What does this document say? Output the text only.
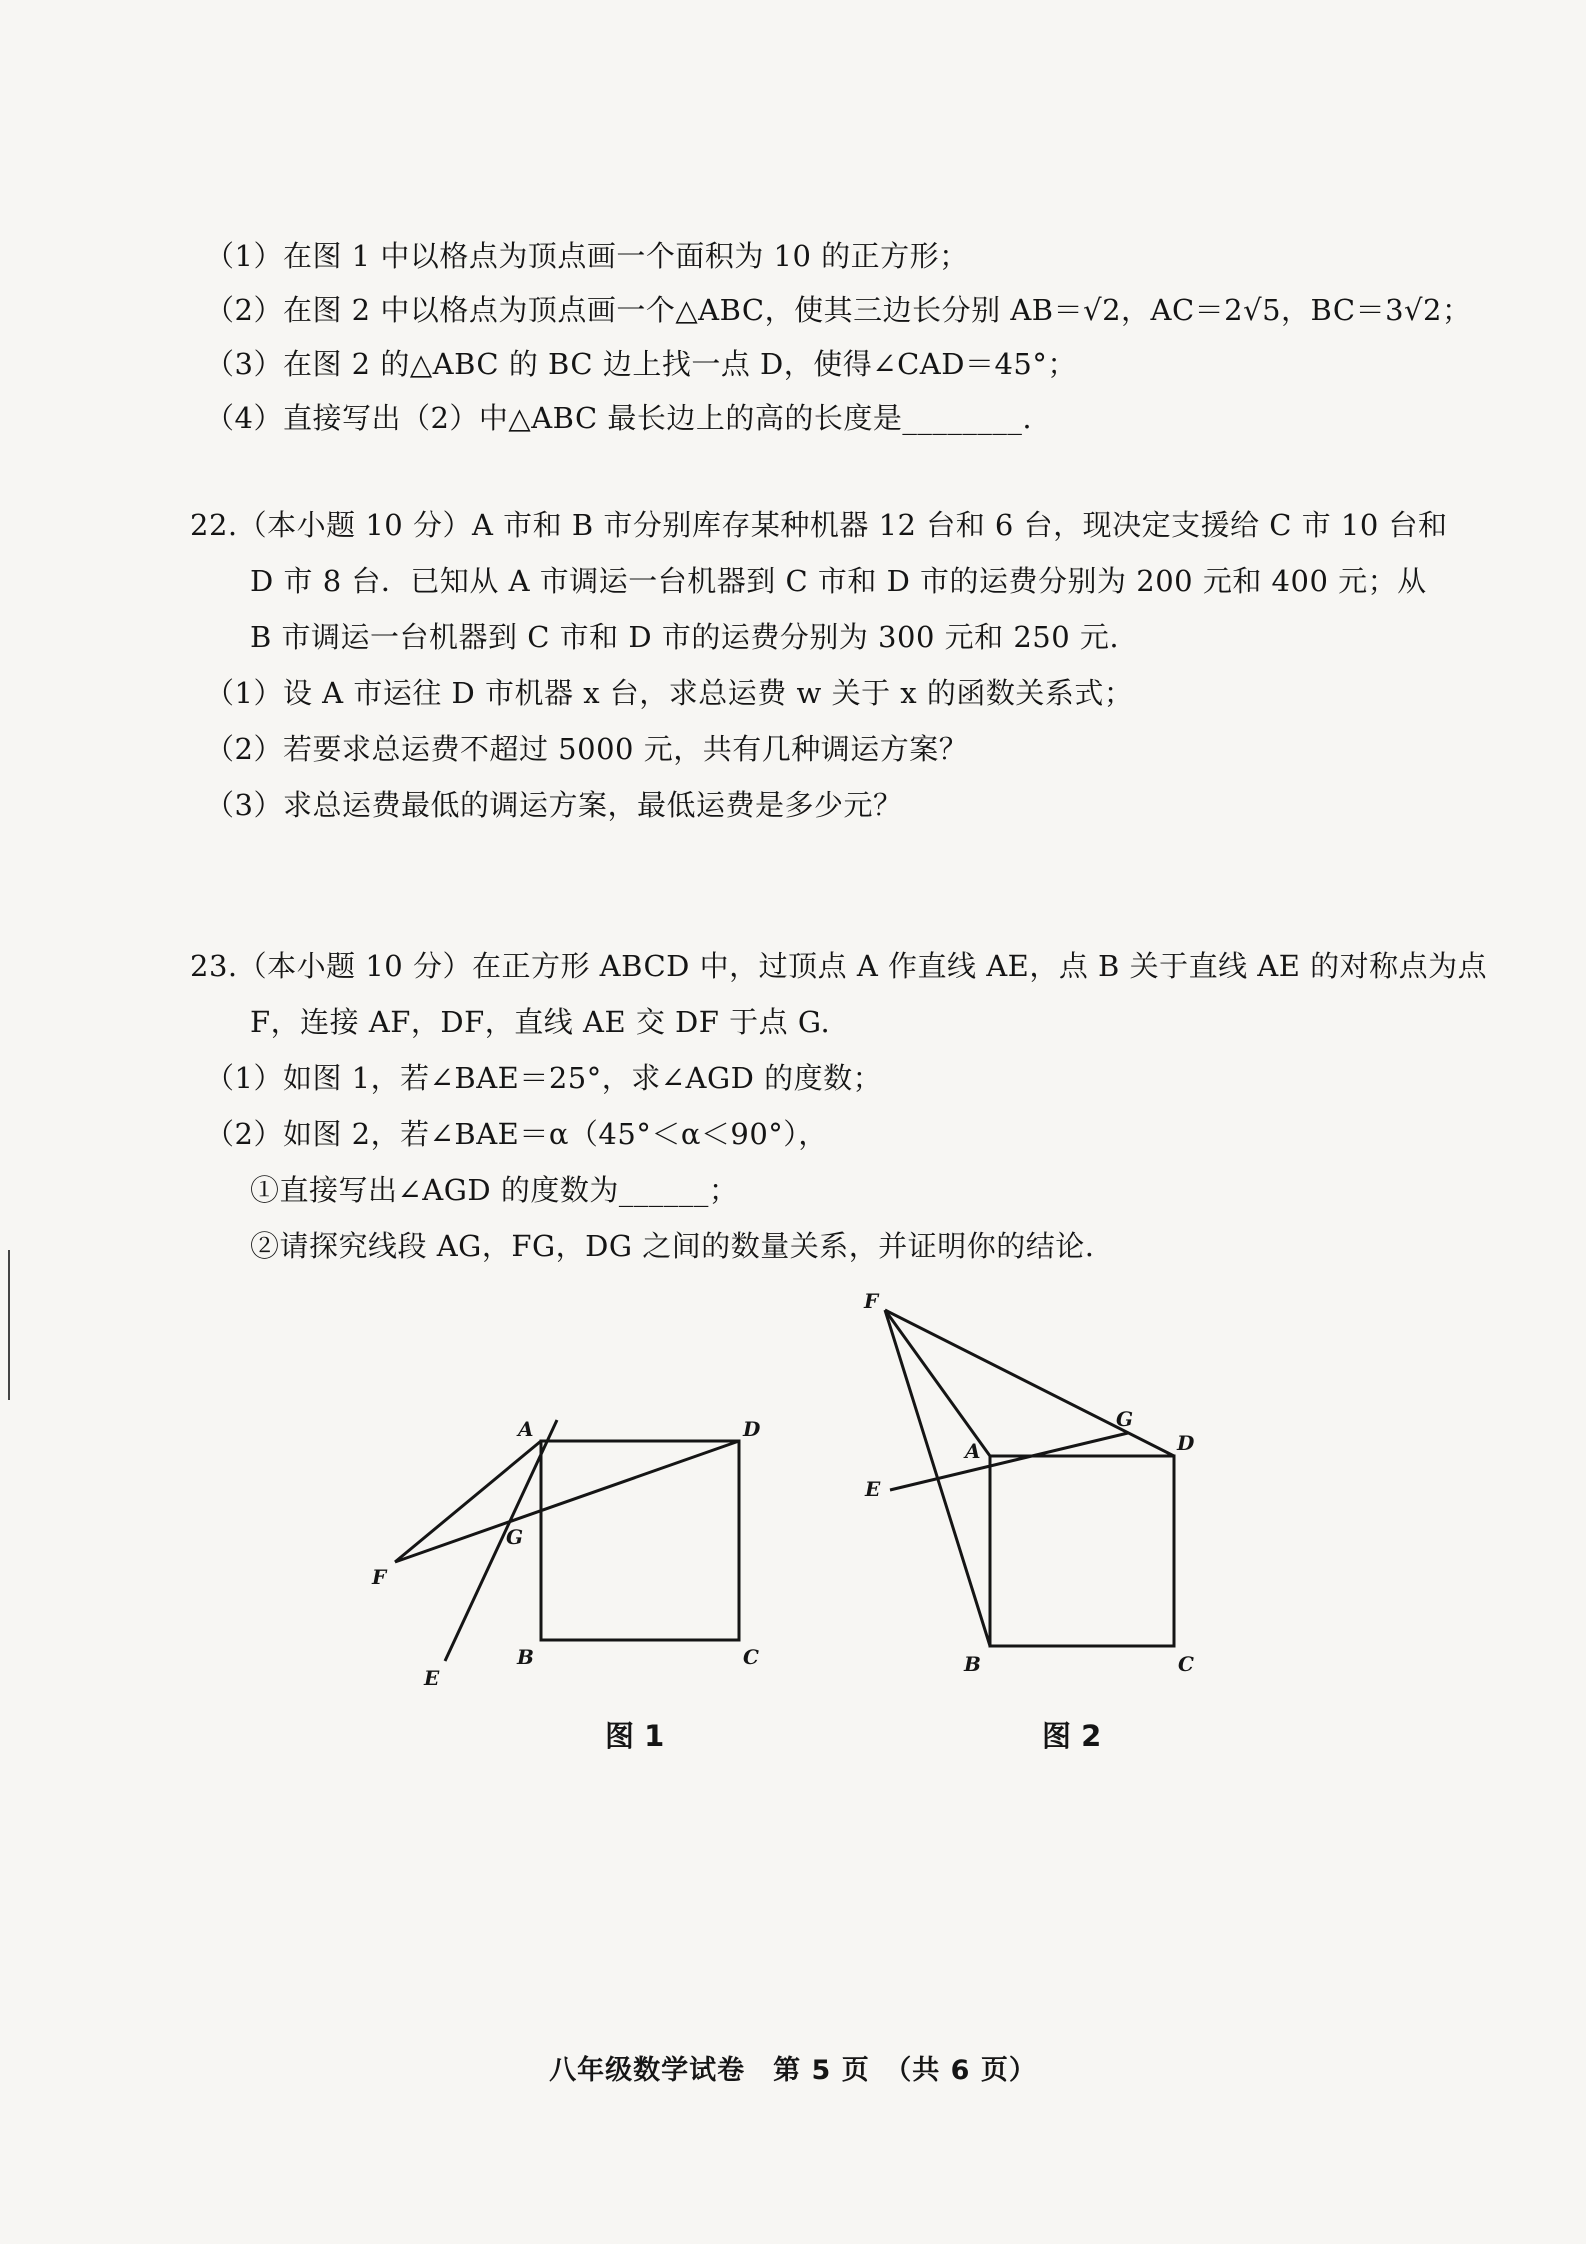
（1）在图 1 中以格点为顶点画一个面积为 10 的正方形；
（2）在图 2 中以格点为顶点画一个△ABC，使其三边长分别 AB＝√2，AC＝2√5，BC＝3√2；
（3）在图 2 的△ABC 的 BC 边上找一点 D，使得∠CAD＝45°；
（4）直接写出（2）中△ABC 最长边上的高的长度是________.
22.（本小题 10 分）A 市和 B 市分别库存某种机器 12 台和 6 台，现决定支援给 C 市 10 台和
D 市 8 台．已知从 A 市调运一台机器到 C 市和 D 市的运费分别为 200 元和 400 元；从
B 市调运一台机器到 C 市和 D 市的运费分别为 300 元和 250 元.
（1）设 A 市运往 D 市机器 x 台，求总运费 w 关于 x 的函数关系式；
（2）若要求总运费不超过 5000 元，共有几种调运方案？
（3）求总运费最低的调运方案，最低运费是多少元？
23.（本小题 10 分）在正方形 ABCD 中，过顶点 A 作直线 AE，点 B 关于直线 AE 的对称点为点
F，连接 AF，DF，直线 AE 交 DF 于点 G.
（1）如图 1，若∠BAE＝25°，求∠AGD 的度数；
（2）如图 2，若∠BAE＝α（45°＜α＜90°），
①直接写出∠AGD 的度数为______；
②请探究线段 AG，FG，DG 之间的数量关系，并证明你的结论.
A	D
B	C
F
G
E
图 1
F
G
D
A
E
B	C
图 2
八年级数学试卷　第 5 页　（共 6 页）
